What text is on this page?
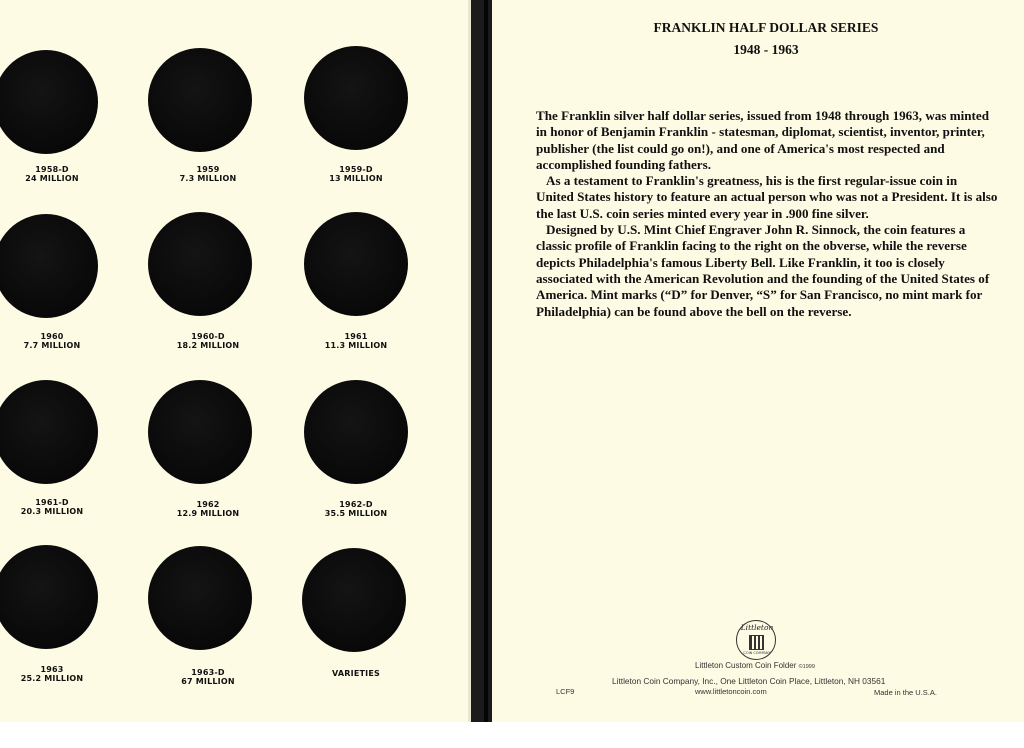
1958-D
24 MILLION
1959
7.3 MILLION
1959-D
13 MILLION
1960
7.7 MILLION
1960-D
18.2 MILLION
1961
11.3 MILLION
1961-D
20.3 MILLION
1962
12.9 MILLION
1962-D
35.5 MILLION
1963
25.2 MILLION
1963-D
67 MILLION
VARIETIES
FRANKLIN HALF DOLLAR SERIES
1948 - 1963

The Franklin silver half dollar series, issued from 1948 through 1963, was minted in honor of Benjamin Franklin - statesman, diplomat, scientist, inventor, printer, publisher (the list could go on!), and one of America's most respected and accomplished founding fathers.

As a testament to Franklin's greatness, his is the first regular-issue coin in United States history to feature an actual person who was not a President. It is also the last U.S. coin series minted every year in .900 fine silver.

Designed by U.S. Mint Chief Engraver John R. Sinnock, the coin features a classic profile of Franklin facing to the right on the obverse, while the reverse depicts Philadelphia's famous Liberty Bell. Like Franklin, it too is closely associated with the American Revolution and the founding of the United States of America. Mint marks (“D” for Denver, “S” for San Francisco, no mint mark for Philadelphia) can be found above the bell on the reverse.

Littleton
COIN COMPANY
Littleton Custom Coin Folder ©1999
Littleton Coin Company, Inc., One Littleton Coin Place, Littleton, NH 03561
LCF9	www.littletoncoin.com	Made in the U.S.A.
